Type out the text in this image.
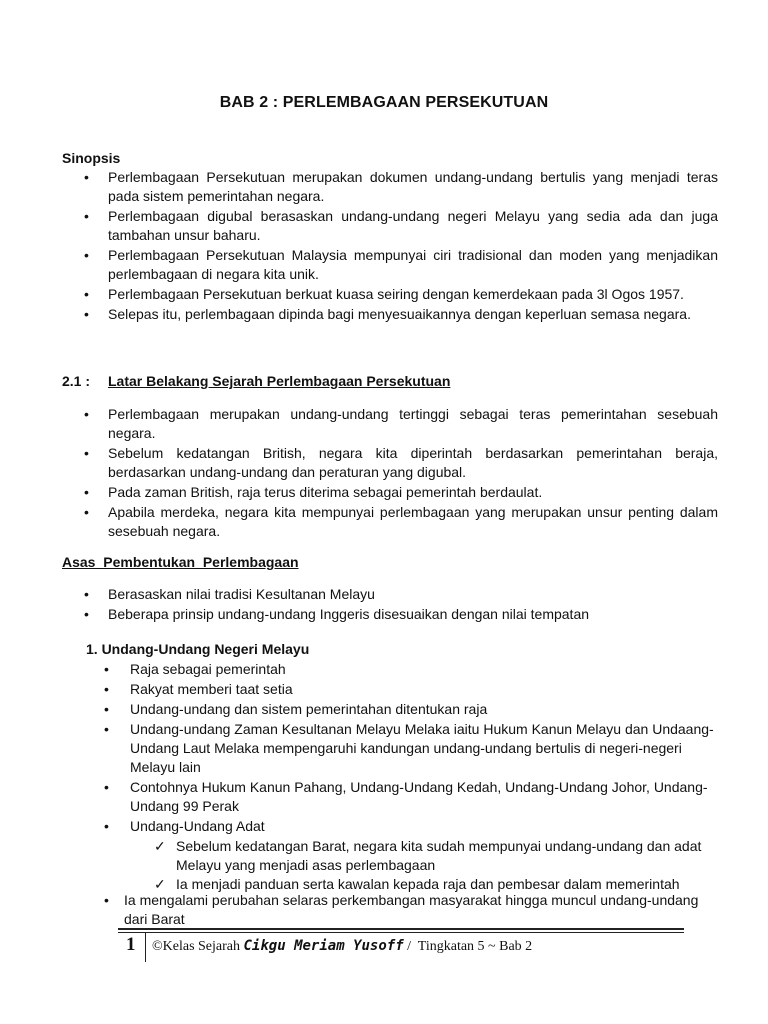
BAB 2 : PERLEMBAGAAN PERSEKUTUAN
Sinopsis
• Perlembagaan Persekutuan merupakan dokumen undang-undang bertulis yang menjadi teras pada sistem pemerintahan negara.
• Perlembagaan digubal berasaskan undang-undang negeri Melayu yang sedia ada dan juga tambahan unsur baharu.
• Perlembagaan Persekutuan Malaysia mempunyai ciri tradisional dan moden yang menjadikan perlembagaan di negara kita unik.
• Perlembagaan Persekutuan berkuat kuasa seiring dengan kemerdekaan pada 3l Ogos 1957.
• Selepas itu, perlembagaan dipinda bagi menyesuaikannya dengan keperluan semasa negara.
2.1 : Latar Belakang Sejarah Perlembagaan Persekutuan
• Perlembagaan merupakan undang-undang tertinggi sebagai teras pemerintahan sesebuah negara.
• Sebelum kedatangan British, negara kita diperintah berdasarkan pemerintahan beraja, berdasarkan undang-undang dan peraturan yang digubal.
• Pada zaman British, raja terus diterima sebagai pemerintah berdaulat.
• Apabila merdeka, negara kita mempunyai perlembagaan yang merupakan unsur penting dalam sesebuah negara.
Asas  Pembentukan  Perlembagaan
• Berasaskan nilai tradisi Kesultanan Melayu
• Beberapa prinsip undang-undang Inggeris disesuaikan dengan nilai tempatan
1. Undang-Undang Negeri Melayu
• Raja sebagai pemerintah
• Rakyat memberi taat setia
• Undang-undang dan sistem pemerintahan ditentukan raja
• Undang-undang Zaman Kesultanan Melayu Melaka iaitu Hukum Kanun Melayu dan Undaang-Undang Laut Melaka mempengaruhi kandungan undang-undang bertulis di negeri-negeri Melayu lain
• Contohnya Hukum Kanun Pahang, Undang-Undang Kedah, Undang-Undang Johor, Undang-Undang 99 Perak
• Undang-Undang Adat
✓ Sebelum kedatangan Barat, negara kita sudah mempunyai undang-undang dan adat Melayu yang menjadi asas perlembagaan
✓ Ia menjadi panduan serta kawalan kepada raja dan pembesar dalam memerintah
• Ia mengalami perubahan selaras perkembangan masyarakat hingga muncul undang-undang dari Barat
1 ©Kelas Sejarah Cikgu Meriam Yusoff /  Tingkatan 5 ~ Bab 2
